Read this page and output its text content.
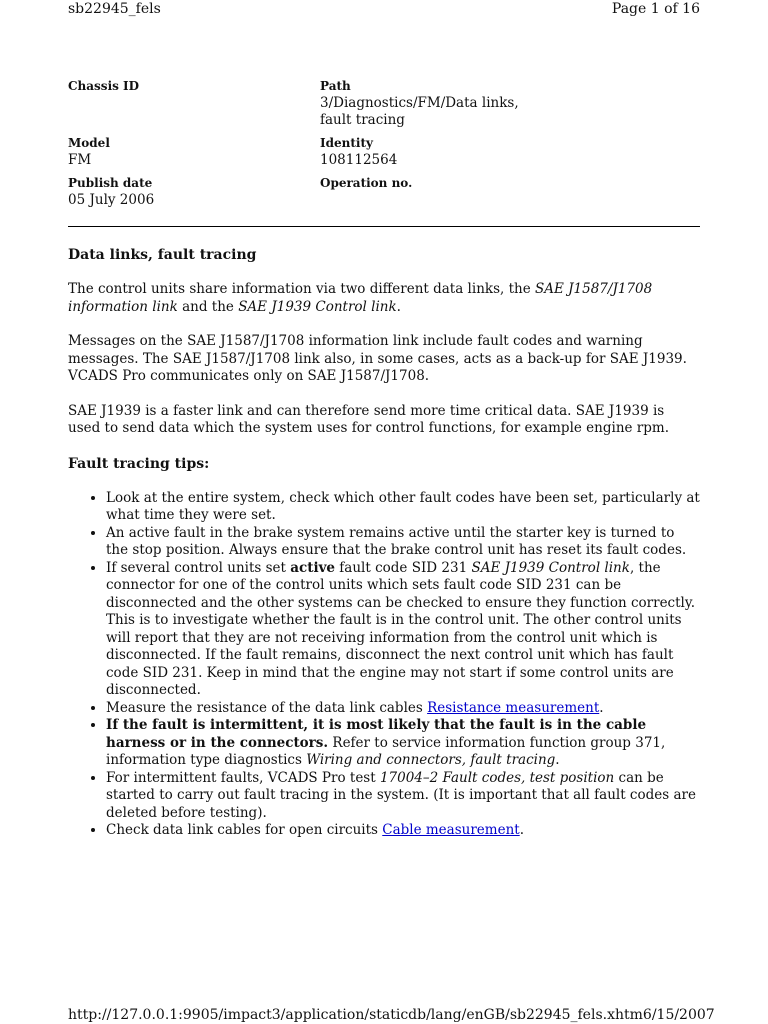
sb22945_fels	Page 1 of 16
Chassis ID	Path
3/Diagnostics/FM/Data links, fault tracing
Model
FM
Identity
108112564
Publish date
05 July 2006
Operation no.
Data links, fault tracing

The control units share information via two different data links, the SAE J1587/J1708 information link and the SAE J1939 Control link.

Messages on the SAE J1587/J1708 information link include fault codes and warning messages. The SAE J1587/J1708 link also, in some cases, acts as a back-up for SAE J1939. VCADS Pro communicates only on SAE J1587/J1708.

SAE J1939 is a faster link and can therefore send more time critical data. SAE J1939 is used to send data which the system uses for control functions, for example engine rpm.

Fault tracing tips:
• Look at the entire system, check which other fault codes have been set, particularly at what time they were set.
• An active fault in the brake system remains active until the starter key is turned to the stop position. Always ensure that the brake control unit has reset its fault codes.
• If several control units set active fault code SID 231 SAE J1939 Control link, the connector for one of the control units which sets fault code SID 231 can be disconnected and the other systems can be checked to ensure they function correctly. This is to investigate whether the fault is in the control unit. The other control units will report that they are not receiving information from the control unit which is disconnected. If the fault remains, disconnect the next control unit which has fault code SID 231. Keep in mind that the engine may not start if some control units are disconnected.
• Measure the resistance of the data link cables Resistance measurement.
• If the fault is intermittent, it is most likely that the fault is in the cable harness or in the connectors. Refer to service information function group 371, information type diagnostics Wiring and connectors, fault tracing.
• For intermittent faults, VCADS Pro test 17004–2 Fault codes, test position can be started to carry out fault tracing in the system. (It is important that all fault codes are deleted before testing).
• Check data link cables for open circuits Cable measurement.
http://127.0.0.1:9905/impact3/application/staticdb/lang/enGB/sb22945_fels.xhtm 6/15/2007
